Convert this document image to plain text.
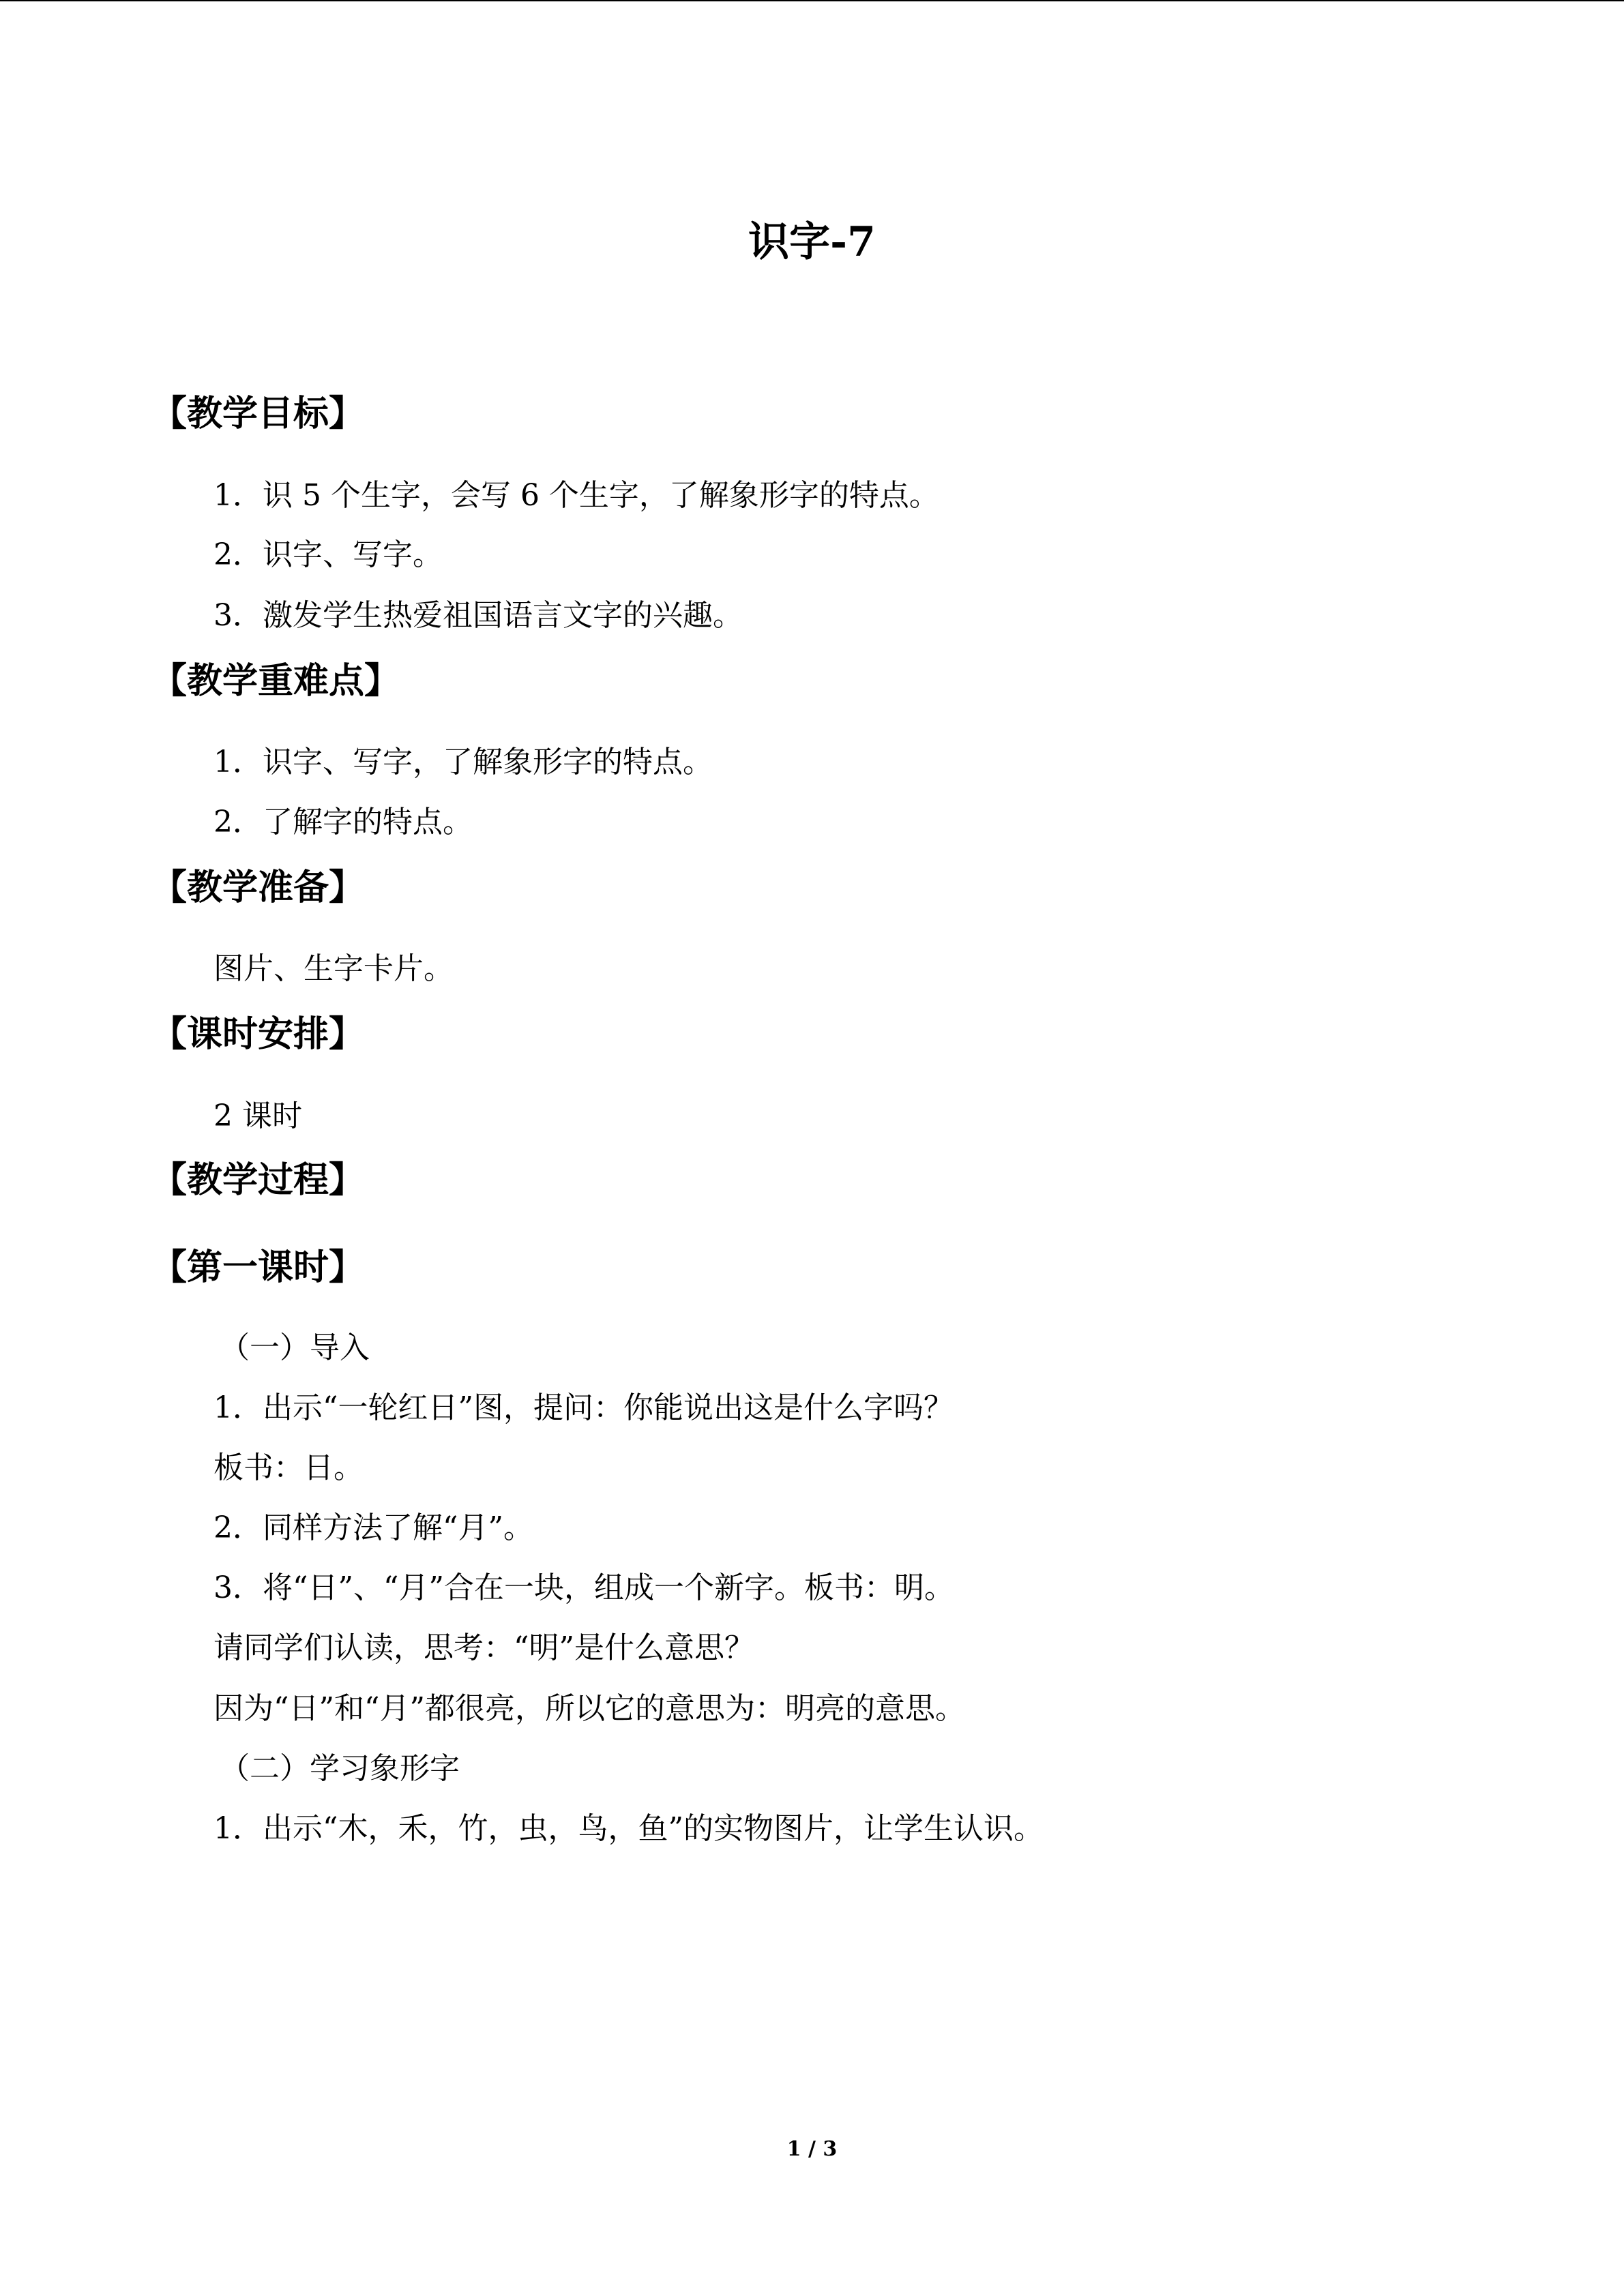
识字-7
【教学目标】
1．识 5 个生字，会写 6 个生字，了解象形字的特点。
2．识字、写字。
3．激发学生热爱祖国语言文字的兴趣。
【教学重难点】
1．识字、写字，了解象形字的特点。
2．了解字的特点。
【教学准备】
图片、生字卡片。
【课时安排】
2 课时
【教学过程】
【第一课时】
（一）导入
1．出示“一轮红日”图，提问：你能说出这是什么字吗？
板书：日。
2．同样方法了解“月”。
3．将“日”、“月”合在一块，组成一个新字。板书：明。
请同学们认读，思考：“明”是什么意思？
因为“日”和“月”都很亮，所以它的意思为：明亮的意思。
（二）学习象形字
1．出示“木，禾，竹，虫，鸟，鱼”的实物图片，让学生认识。
1 / 3
